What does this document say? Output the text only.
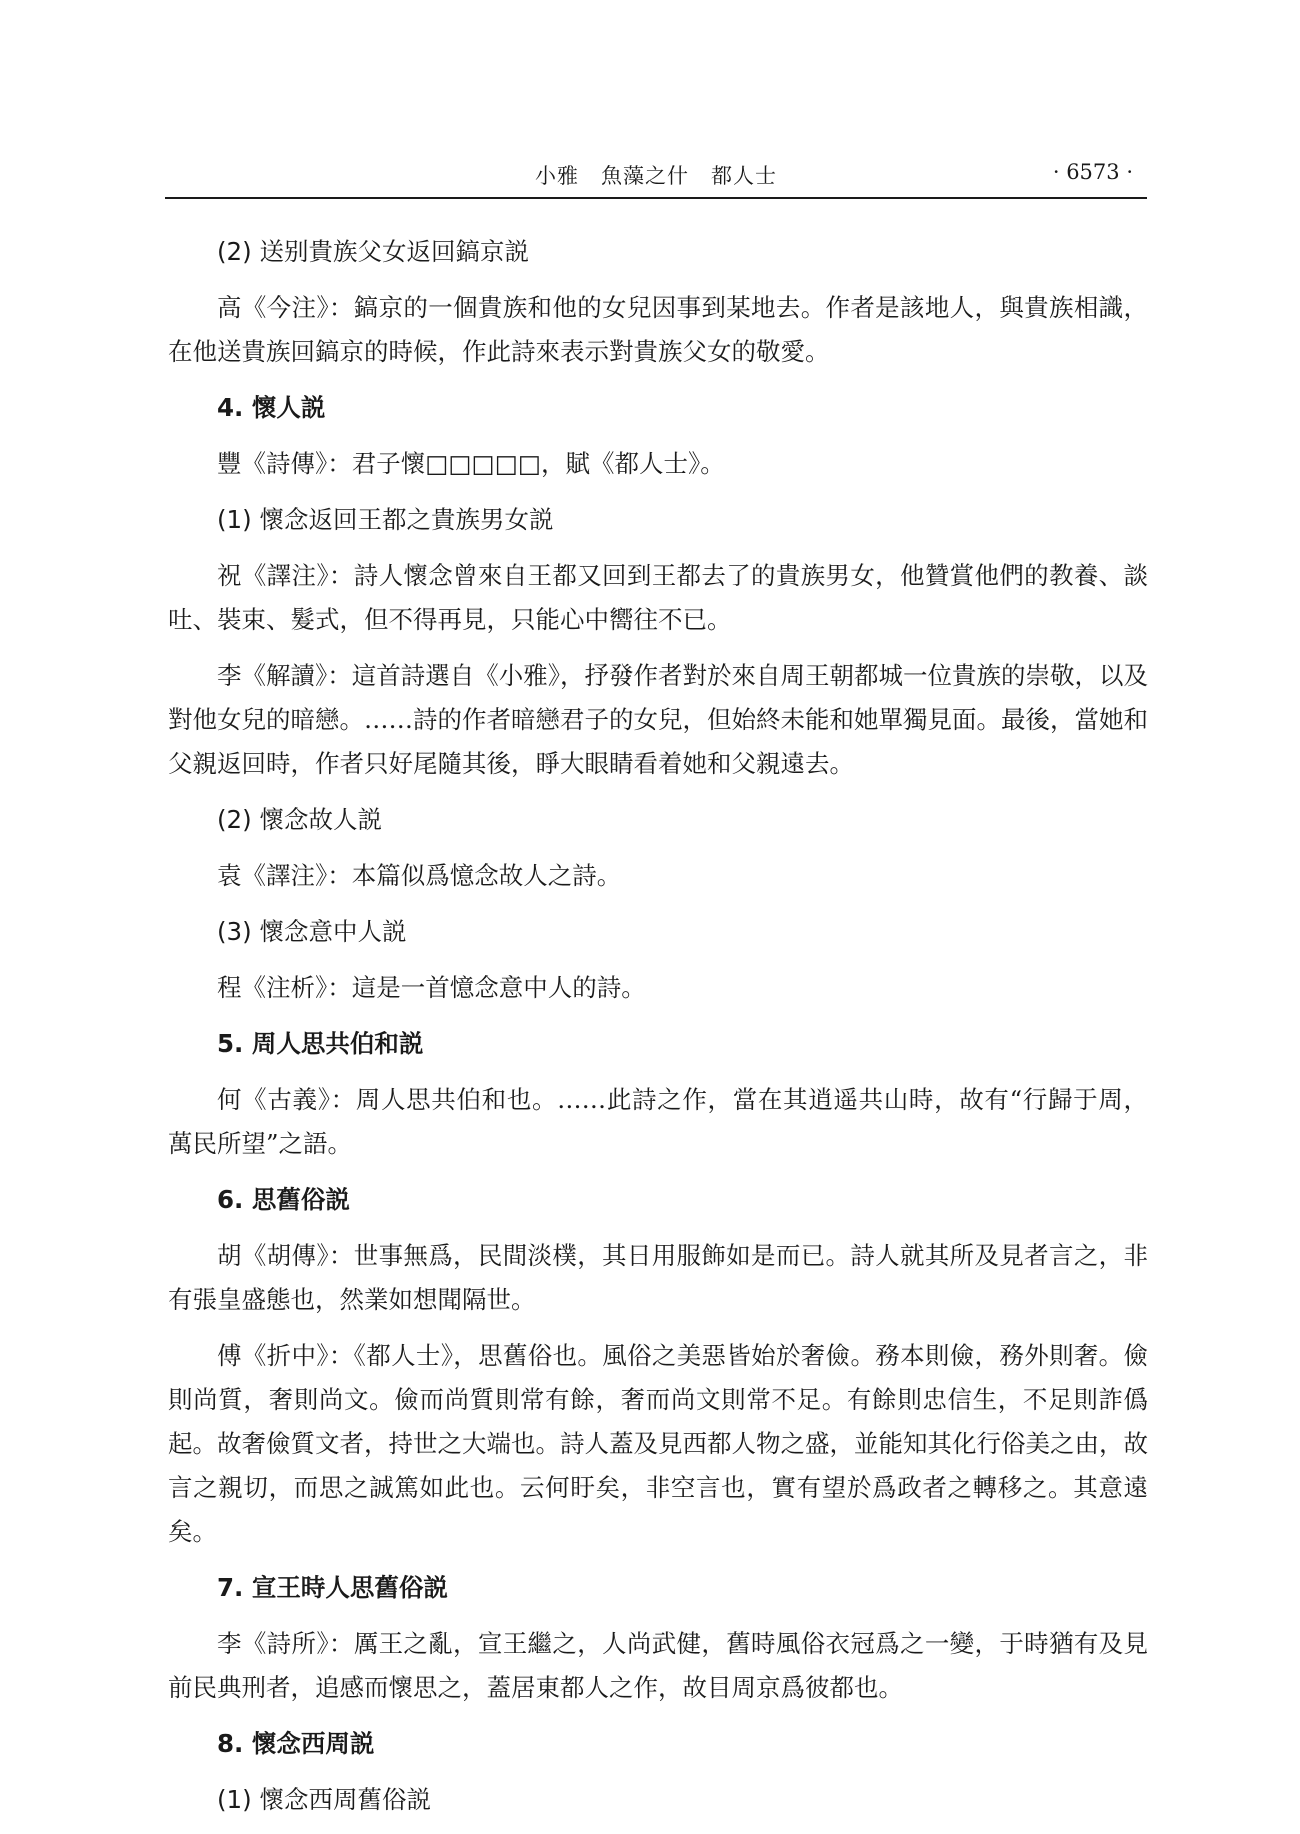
小雅　魚藻之什　都人士	· 6573 ·

(2) 送别貴族父女返回鎬京説

高《今注》：鎬京的一個貴族和他的女兒因事到某地去。作者是該地人，與貴族相識，在他送貴族回鎬京的時候，作此詩來表示對貴族父女的敬愛。

4. 懷人説

豐《詩傳》：君子懷□□□□□，賦《都人士》。

(1) 懷念返回王都之貴族男女説

祝《譯注》：詩人懷念曾來自王都又回到王都去了的貴族男女，他贊賞他們的教養、談吐、裝束、髮式，但不得再見，只能心中嚮往不已。

李《解讀》：這首詩選自《小雅》，抒發作者對於來自周王朝都城一位貴族的崇敬，以及對他女兒的暗戀。……詩的作者暗戀君子的女兒，但始終未能和她單獨見面。最後，當她和父親返回時，作者只好尾隨其後，睜大眼睛看着她和父親遠去。

(2) 懷念故人説

袁《譯注》：本篇似爲憶念故人之詩。

(3) 懷念意中人説

程《注析》：這是一首憶念意中人的詩。

5. 周人思共伯和説

何《古義》：周人思共伯和也。……此詩之作，當在其逍遥共山時，故有“行歸于周，萬民所望”之語。

6. 思舊俗説

胡《胡傳》：世事無爲，民間淡樸，其日用服飾如是而已。詩人就其所及見者言之，非有張皇盛態也，然業如想聞隔世。

傅《折中》：《都人士》，思舊俗也。風俗之美惡皆始於奢儉。務本則儉，務外則奢。儉則尚質，奢則尚文。儉而尚質則常有餘，奢而尚文則常不足。有餘則忠信生，不足則詐僞起。故奢儉質文者，持世之大端也。詩人蓋及見西都人物之盛，並能知其化行俗美之由，故言之親切，而思之誠篤如此也。云何盱矣，非空言也，實有望於爲政者之轉移之。其意遠矣。

7. 宣王時人思舊俗説

李《詩所》：厲王之亂，宣王繼之，人尚武健，舊時風俗衣冠爲之一變，于時猶有及見前民典刑者，追感而懷思之，蓋居東都人之作，故目周京爲彼都也。

8. 懷念西周説

(1) 懷念西周舊俗説
